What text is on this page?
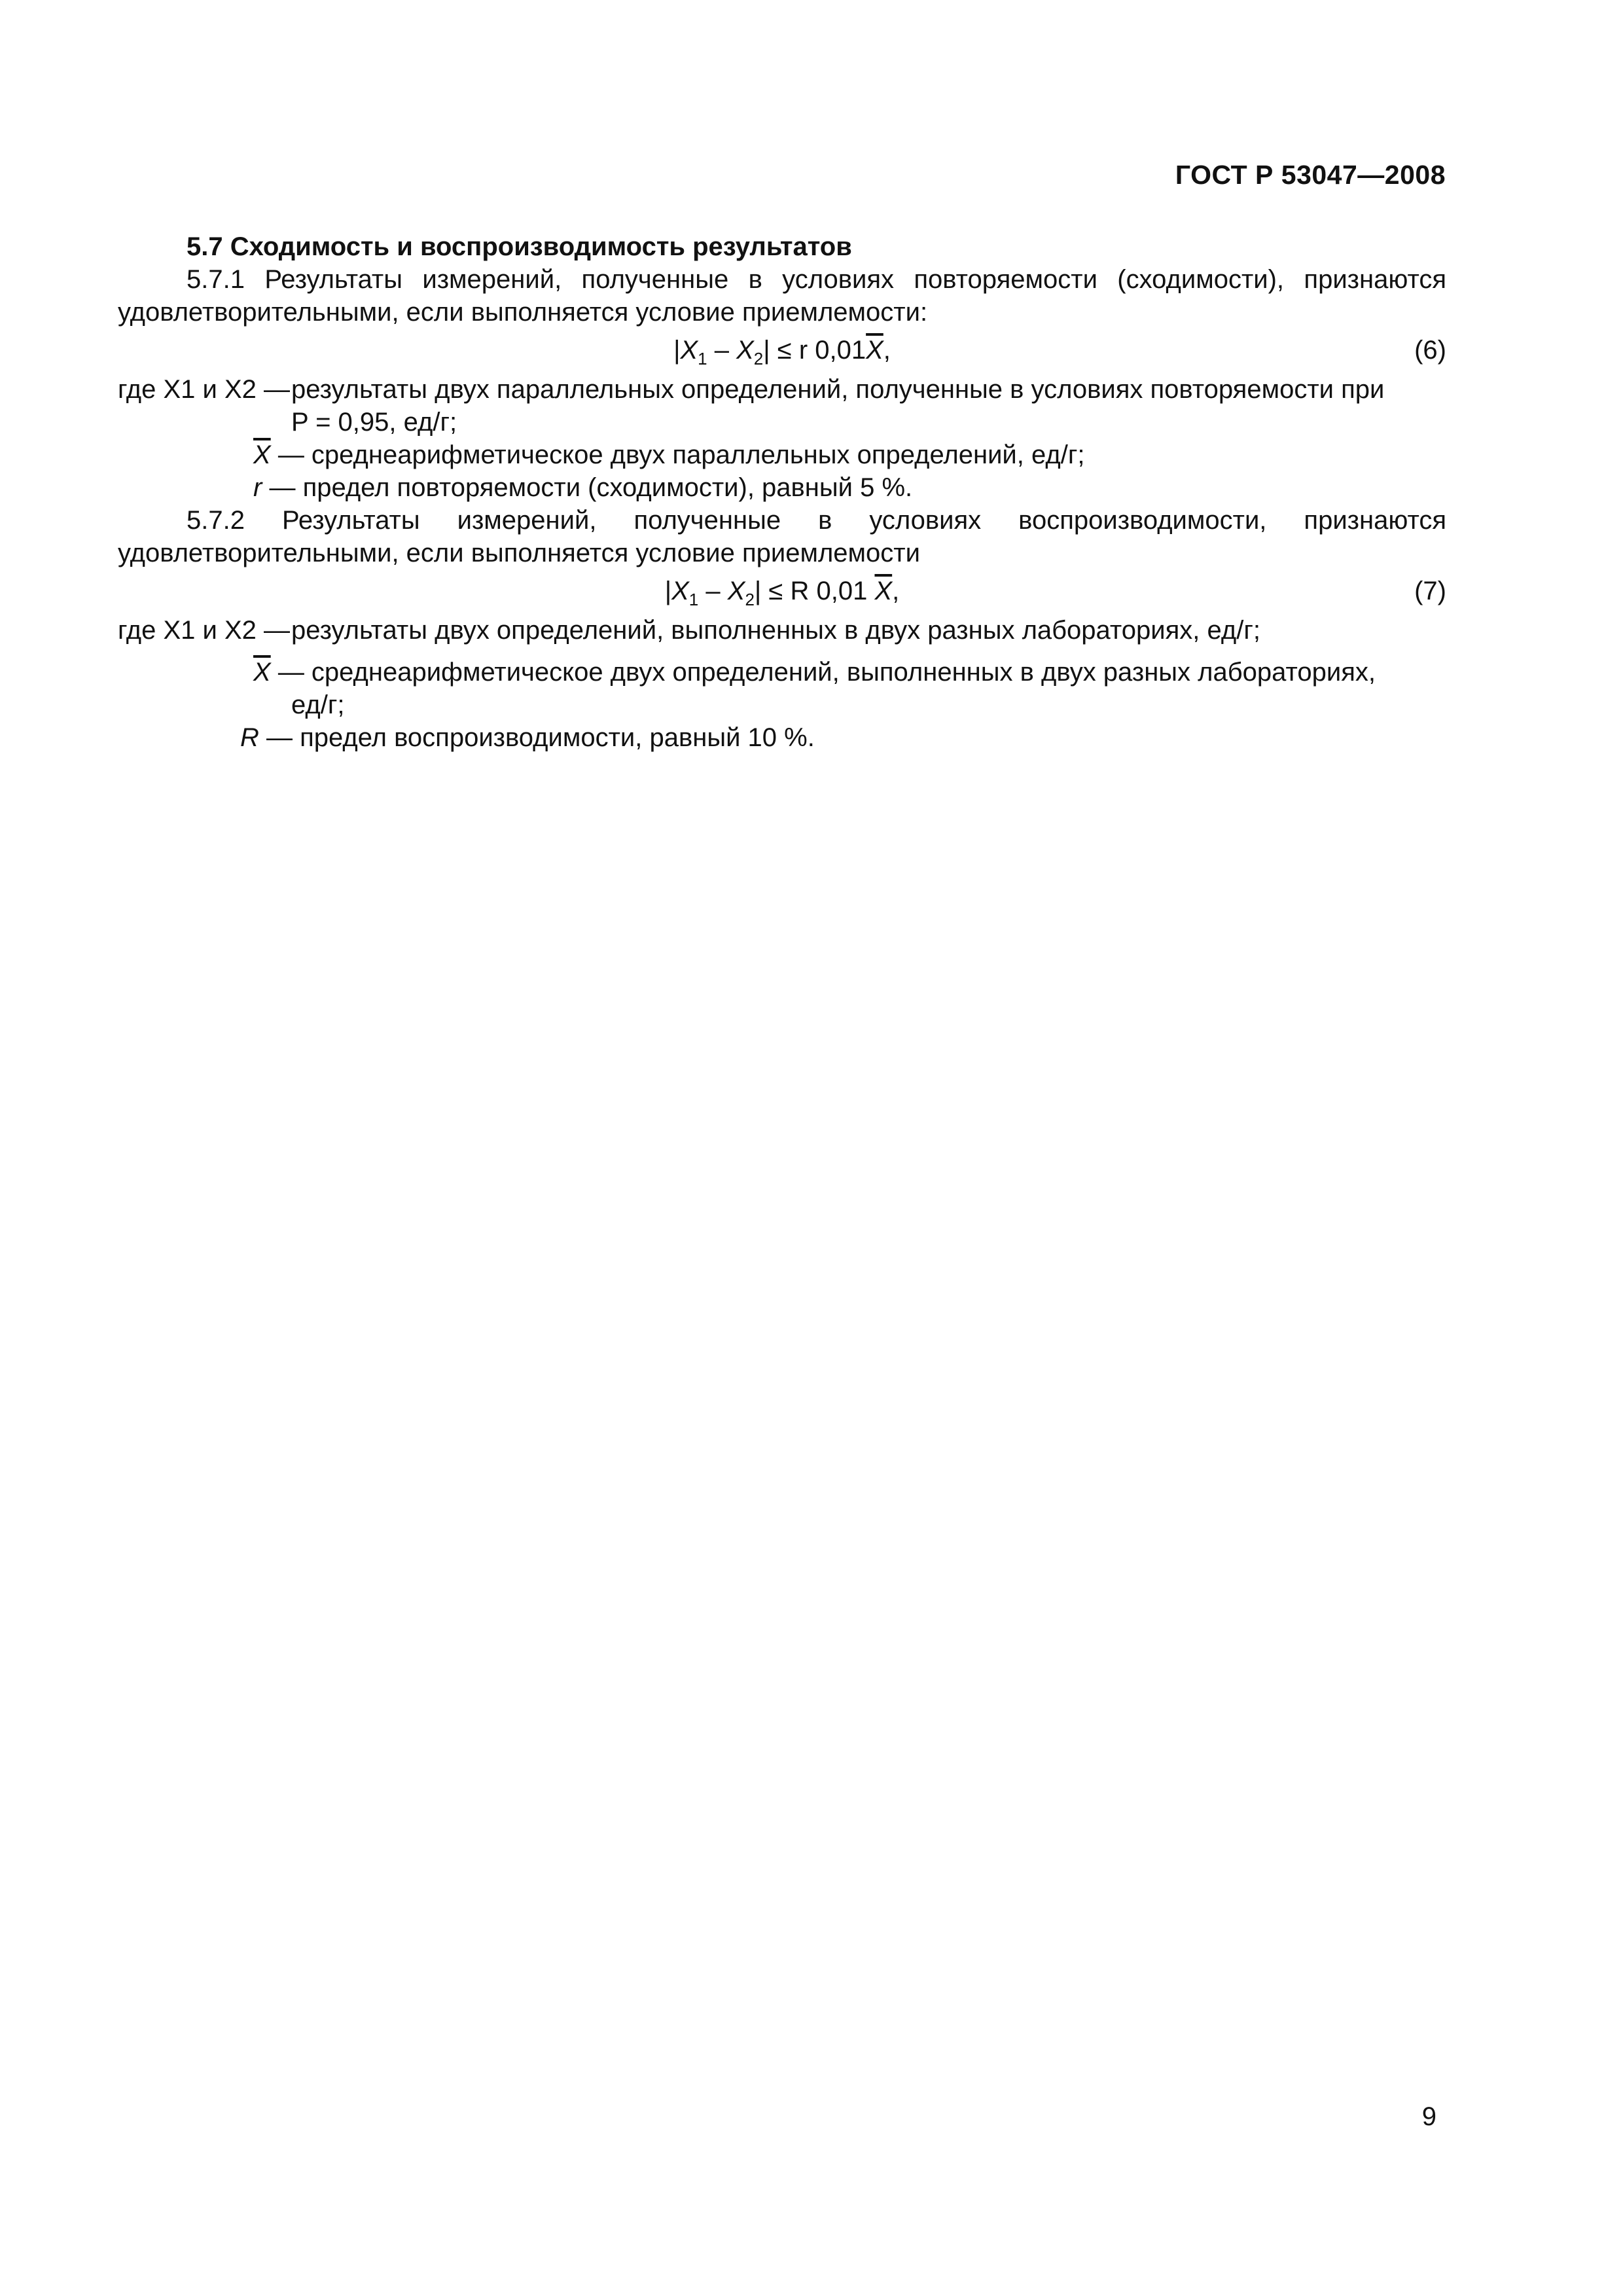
ГОСТ Р 53047—2008
5.7 Сходимость и воспроизводимость результатов
5.7.1 Результаты измерений, полученные в условиях повторяемости (сходимости), признаются удовлетворительными, если выполняется условие приемлемости:
$|X_1 - X_2| \le r$ $0,01\overline{X}$,	(6)
где X1 и X2 — результаты двух параллельных определений, полученные в условиях повторяемости при
P = 0,95, ед/г;
$\overline{X}$ — среднеарифметическое двух параллельных определений, ед/г;
r — предел повторяемости (сходимости), равный 5 %.
5.7.2 Результаты измерений, полученные в условиях воспроизводимости, признаются удовлетворительными, если выполняется условие приемлемости
$|X_1 - X_2| \le R$ 0,01 $\overline{X}$,	(7)
где X1 и X2 — результаты двух определений, выполненных в двух разных лабораториях, ед/г;
$\overline{X}$ — среднеарифметическое двух определений, выполненных в двух разных лабораториях,
ед/г;
R — предел воспроизводимости, равный 10 %.
9
